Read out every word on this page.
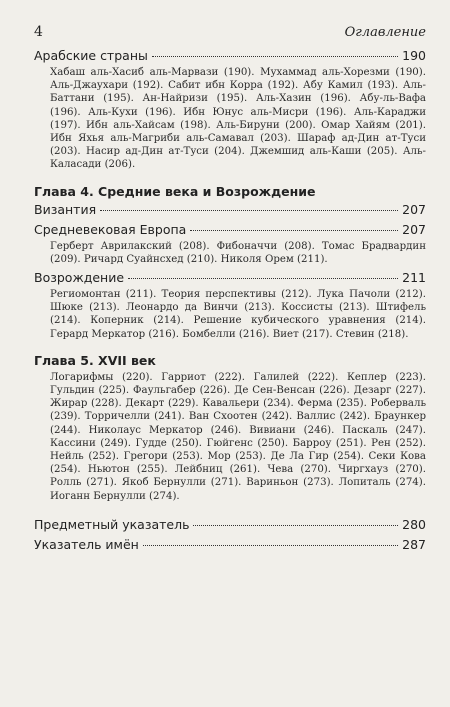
4	Оглавление
Арабские страны	190
Хабаш аль-Хасиб аль-Марвази (190). Мухаммад аль-Хорезми (190). Аль-Джаухари (192). Сабит ибн Корра (192). Абу Камил (193). Аль-Баттани (195). Ан-Найризи (195). Аль-Хазин (196). Абу-ль-Вафа (196). Аль-Кухи (196). Ибн Юнус аль-Мисри (196). Аль-Караджи (197). Ибн аль-Хайсам (198). Аль-Бируни (200). Омар Хайям (201). Ибн Яхья аль-Магриби аль-Самавал (203). Шараф ад-Дин ат-Туси (203). Насир ад-Дин ат-Туси (204). Джемшид аль-Каши (205). Аль-Каласади (206).
Глава 4. Средние века и Возрождение
Византия	207
Средневековая Европа	207
Герберт Аврилакский (208). Фибоначчи (208). Томас Брадвардин (209). Ричард Суайнсхед (210). Николя Орем (211).
Возрождение	211
Региомонтан (211). Теория перспективы (212). Лука Пачоли (212). Шюке (213). Леонардо да Винчи (213). Коссисты (213). Штифель (214). Коперник (214). Решение кубического уравнения (214). Герард Меркатор (216). Бомбелли (216). Виет (217). Стевин (218).
Глава 5. XVII век
Логарифмы (220). Гарриот (222). Галилей (222). Кеплер (223). Гульдин (225). Фаульгабер (226). Де Сен-Венсан (226). Дезарг (227). Жирар (228). Декарт (229). Кавальери (234). Ферма (235). Роберваль (239). Торричелли (241). Ван Схоотен (242). Валлис (242). Браункер (244). Николаус Меркатор (246). Вивиани (246). Паскаль (247). Кассини (249). Гудде (250). Гюйгенс (250). Барроу (251). Рен (252). Нейль (252). Грегори (253). Мор (253). Де Ла Гир (254). Секи Кова (254). Ньютон (255). Лейбниц (261). Чева (270). Чиргхауз (270). Ролль (271). Якоб Бернулли (271). Вариньон (273). Лопиталь (274). Иоганн Бернулли (274).
Предметный указатель	280
Указатель имён	287
